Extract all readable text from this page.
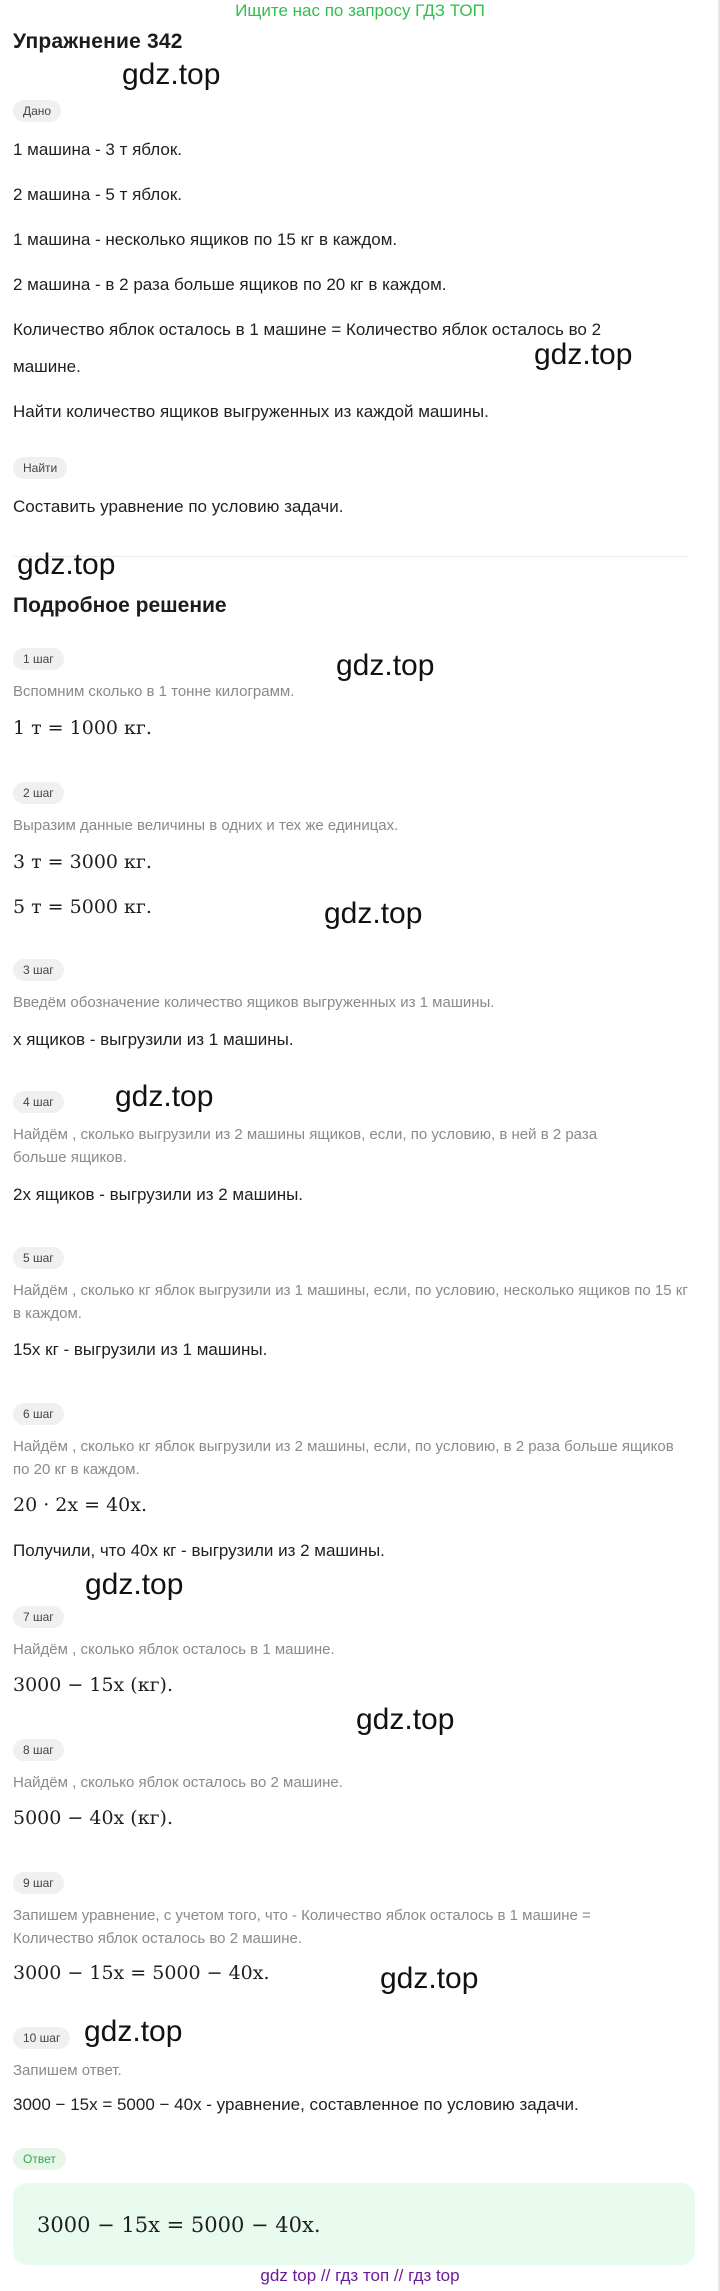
Ищите нас по запросу ГДЗ ТОП
Упражнение 342
Дано

1 машина - 3 т яблок.

2 машина - 5 т яблок.

1 машина - несколько ящиков по 15 кг в каждом.

2 машина - в 2 раза больше ящиков по 20 кг в каждом.

Количество яблок осталось в 1 машине = Количество яблок осталось во 2

машине.

Найти количество ящиков выгруженных из каждой машины.

Найти

Составить уравнение по условию задачи.

Подробное решение
1 шаг

Вспомним сколько в 1 тонне килограмм.

1 т = 1000 кг.

2 шаг

Выразим данные величины в одних и тех же единицах.

3 т = 3000 кг.

5 т = 5000 кг.

3 шаг

Введём обозначение количество ящиков выгруженных из 1 машины.

x ящиков - выгрузили из 1 машины.

4 шаг

Найдём , сколько выгрузили из 2 машины ящиков, если, по условию, в ней в 2 раза больше ящиков.

2x ящиков - выгрузили из 2 машины.

5 шаг

Найдём , сколько кг яблок выгрузили из 1 машины, если, по условию, несколько ящиков по 15 кг в каждом.

15x кг - выгрузили из 1 машины.

6 шаг

Найдём , сколько кг яблок выгрузили из 2 машины, если, по условию, в 2 раза больше ящиков по 20 кг в каждом.

20 · 2x = 40x.

Получили, что 40x кг - выгрузили из 2 машины.

7 шаг

Найдём , сколько яблок осталось в 1 машине.

3000 − 15x (кг).

8 шаг

Найдём , сколько яблок осталось во 2 машине.

5000 − 40x (кг).

9 шаг

Запишем уравнение, с учетом того, что - Количество яблок осталось в 1 машине = Количество яблок осталось во 2 машине.

3000 − 15x = 5000 − 40x.

10 шаг

Запишем ответ.

3000 − 15x = 5000 − 40x - уравнение, составленное по условию задачи.

Ответ
3000 − 15x = 5000 − 40x.
gdz.top
gdz.top
gdz.top
gdz.top
gdz.top
gdz.top
gdz.top
gdz.top
gdz.top
gdz.top
gdz top // гдз топ // гдз top
